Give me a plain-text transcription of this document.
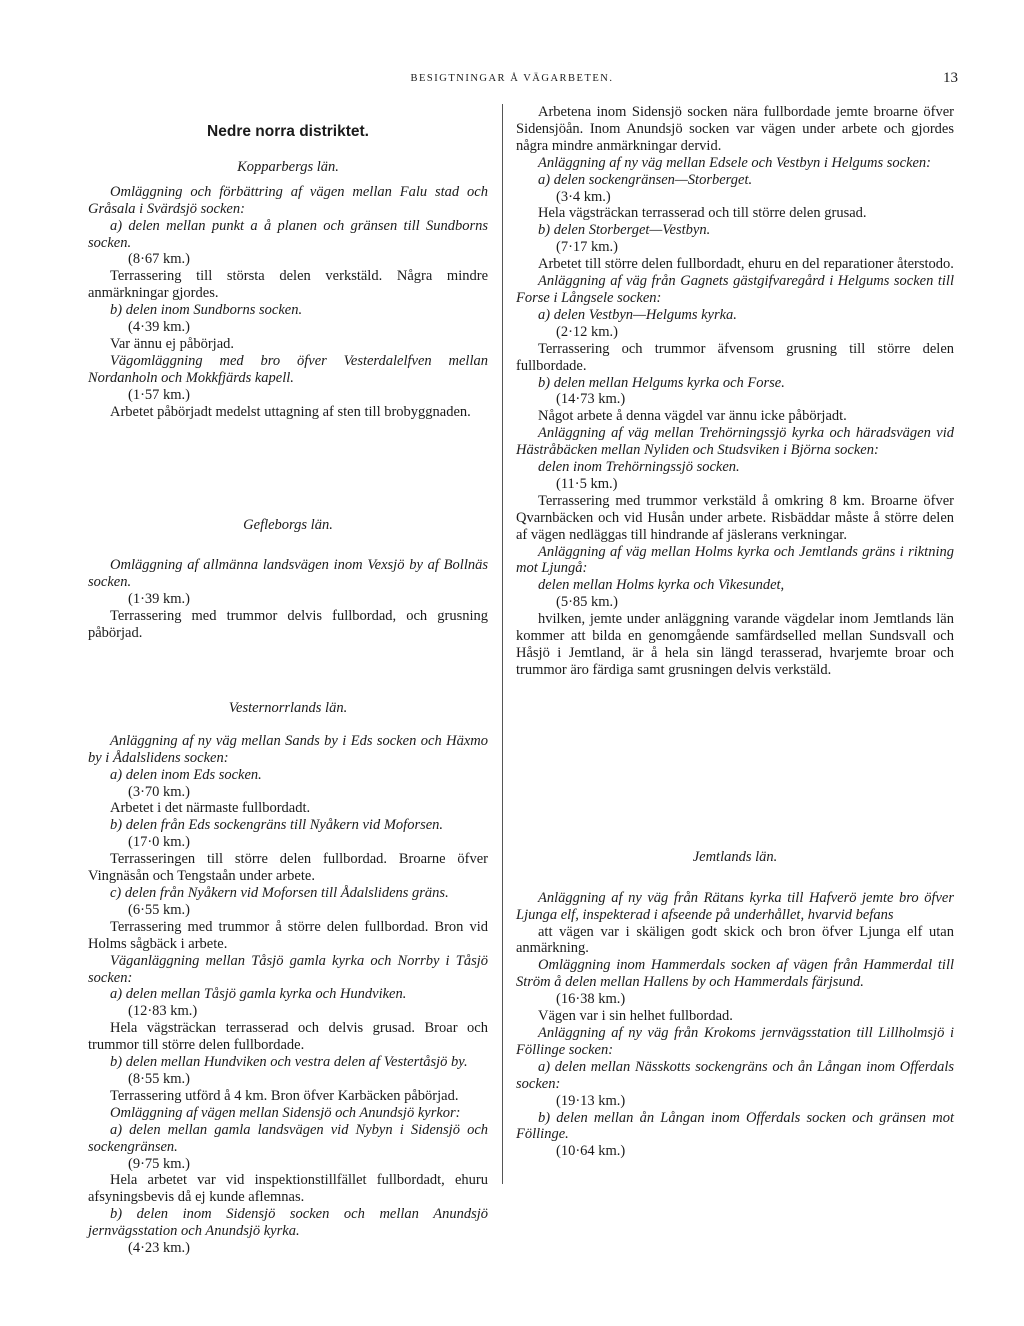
BESIGTNINGAR Å VÄGARBETEN.	13

Nedre norra distriktet.

Kopparbergs län.

Omläggning och förbättring af vägen mellan Falu stad och Gråsala i Svärdsjö socken:

a) delen mellan punkt a å planen och gränsen till Sundborns socken.

(8·67 km.)

Terrassering till största delen verkstäld. Några mindre anmärkningar gjordes.

b) delen inom Sundborns socken.

(4·39 km.)

Var ännu ej påbörjad.

Vägomläggning med bro öfver Vesterdalelfven mellan Nordanholn och Mokkfjärds kapell.

(1·57 km.)

Arbetet påbörjadt medelst uttagning af sten till brobyggnaden.

Gefleborgs län.

Omläggning af allmänna landsvägen inom Vexsjö by af Bollnäs socken.

(1·39 km.)

Terrassering med trummor delvis fullbordad, och grusning påbörjad.

Vesternorrlands län.

Anläggning af ny väg mellan Sands by i Eds socken och Häxmo by i Ådalslidens socken:

a) delen inom Eds socken.

(3·70 km.)

Arbetet i det närmaste fullbordadt.

b) delen från Eds sockengräns till Nyåkern vid Moforsen.

(17·0 km.)

Terrasseringen till större delen fullbordad. Broarne öfver Vingnäsån och Tengstaån under arbete.

c) delen från Nyåkern vid Moforsen till Ådalslidens gräns.

(6·55 km.)

Terrassering med trummor å större delen fullbordad. Bron vid Holms sågbäck i arbete.

Väganläggning mellan Tåsjö gamla kyrka och Norrby i Tåsjö socken:

a) delen mellan Tåsjö gamla kyrka och Hundviken.

(12·83 km.)

Hela vägsträckan terrasserad och delvis grusad. Broar och trummor till större delen fullbordade.

b) delen mellan Hundviken och vestra delen af Vestertåsjö by.

(8·55 km.)

Terrassering utförd å 4 km. Bron öfver Karbäcken påbörjad.

Omläggning af vägen mellan Sidensjö och Anundsjö kyrkor:

a) delen mellan gamla landsvägen vid Nybyn i Sidensjö och sockengränsen.

(9·75 km.)

Hela arbetet var vid inspektionstillfället fullbordadt, ehuru afsyningsbevis då ej kunde aflemnas.

b) delen inom Sidensjö socken och mellan Anundsjö jernvägsstation och Anundsjö kyrka.

(4·23 km.)

Arbetena inom Sidensjö socken nära fullbordade jemte broarne öfver Sidensjöån. Inom Anundsjö socken var vägen under arbete och gjordes några mindre anmärkningar dervid.

Anläggning af ny väg mellan Edsele och Vestbyn i Helgums socken:

a) delen sockengränsen—Storberget.

(3·4 km.)

Hela vägsträckan terrasserad och till större delen grusad.

b) delen Storberget—Vestbyn.

(7·17 km.)

Arbetet till större delen fullbordadt, ehuru en del reparationer återstodo.

Anläggning af väg från Gagnets gästgifvaregård i Helgums socken till Forse i Långsele socken:

a) delen Vestbyn—Helgums kyrka.

(2·12 km.)

Terrassering och trummor äfvensom grusning till större delen fullbordade.

b) delen mellan Helgums kyrka och Forse.

(14·73 km.)

Något arbete å denna vägdel var ännu icke påbörjadt.

Anläggning af väg mellan Trehörningssjö kyrka och häradsvägen vid Hästråbäcken mellan Nyliden och Studsviken i Björna socken:

delen inom Trehörningssjö socken.

(11·5 km.)

Terrassering med trummor verkstäld å omkring 8 km. Broarne öfver Qvarnbäcken och vid Husån under arbete. Risbäddar måste å större delen af vägen nedläggas till hindrande af jäslerans verkningar.

Anläggning af väg mellan Holms kyrka och Jemtlands gräns i riktning mot Ljungå:

delen mellan Holms kyrka och Vikesundet,

(5·85 km.)

hvilken, jemte under anläggning varande vägdelar inom Jemtlands län kommer att bilda en genomgående samfärdselled mellan Sundsvall och Håsjö i Jemtland, är å hela sin längd terasserad, hvarjemte broar och trummor äro färdiga samt grusningen delvis verkstäld.

Jemtlands län.

Anläggning af ny väg från Rätans kyrka till Hafverö jemte bro öfver Ljunga elf, inspekterad i afseende på underhållet, hvarvid befans

att vägen var i skäligen godt skick och bron öfver Ljunga elf utan anmärkning.

Omläggning inom Hammerdals socken af vägen från Hammerdal till Ström å delen mellan Hallens by och Hammerdals färjsund.

(16·38 km.)

Vägen var i sin helhet fullbordad.

Anläggning af ny väg från Krokoms jernvägsstation till Lillholmsjö i Föllinge socken:

a) delen mellan Nässkotts sockengräns och ån Långan inom Offerdals socken:

(19·13 km.)

b) delen mellan ån Långan inom Offerdals socken och gränsen mot Föllinge.

(10·64 km.)
